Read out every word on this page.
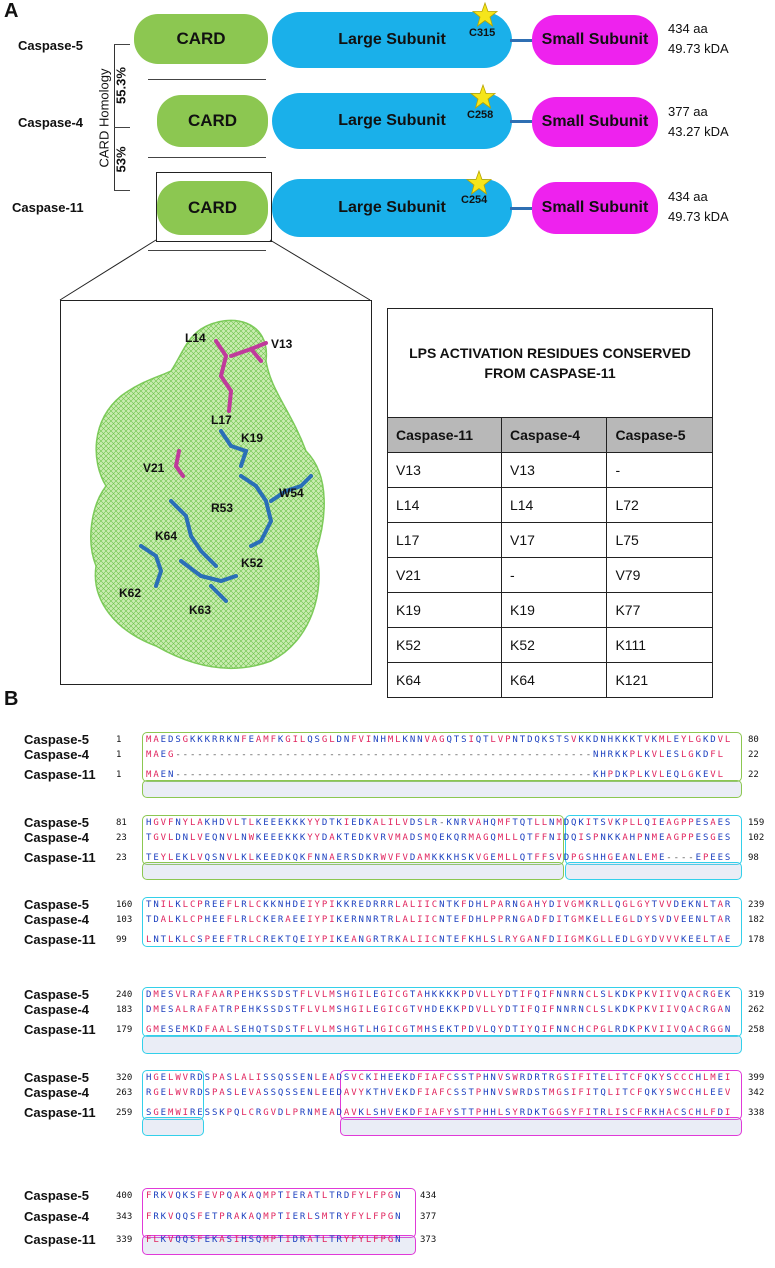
A
Caspase-5
Caspase-4
Caspase-11
CARD	Large Subunit	Small Subunit
C315	434 aa
49.73 kDA
CARD	Large Subunit	Small Subunit
C258	377 aa
43.27 kDA
CARD	Large Subunit	Small Subunit
C254	434 aa
49.73 kDA
CARD Homology 55.3%
53%
L14	V13
L17
K19
V21
W54
R53
K64
K52
K62
K63
LPS ACTIVATION RESIDUES CONSERVED
FROM CASPASE-11		
Caspase-11	Caspase-4	Caspase-5
V13	V13	-
L14	L14	L72
L17	V17	L75
V21	-	V79
K19	K19	K77
K52	K52	K111
K64	K64	K121
B
Caspase-5	1	MAEDSGKKKRRKNFEAMFKGILQSGLDNFVINHMLKNNVAGQTSIQTLVPNTDQKSTSVKKDNHKKKTVKMLEYLGKDVL 80
Caspase-4	1	MAEG---------------------------------------------------------NHRKKPLKVLESLGKDFL	22
Caspase-11 1	MAEN---------------------------------------------------------KHPDKPLKVLEQLGKEVL	22
Caspase-5	81 HGVFNYLAKHDVLTLKEEEKKKYYDTKIEDKALILVDSLR-KNRVAHQMFTQTLLNMDQKITSVKPLLQIEAGPPESAES 159
Caspase-4	23 TGVLDNLVEQNVLNWKEEEKKKYYDAKTEDKVRVMADSMQEKQRMAGQMLLQTFFNIDQISPNKKAHPNMEAGPPESGES 102
Caspase-11 23 TEYLEKLVQSNVLKLKEEDKQKFNNAERSDKRWVFVDAMKKKHSKVGEMLLQTFFSVDPGSHHGEANLEME----EPEES 98
Caspase-5	160 TNILKLCPREEFLRLCKKNHDEIYPIKKREDRRRLALIICNTKFDHLPARNGAHYDIVGMKRLLQGLGYTVVDEKNLTAR 239
Caspase-4	103 TDALKLCPHEEFLRLCKERAEEIYPIKERNNRTRLALIICNTEFDHLPPRNGADFDITGMKELLEGLDYSVDVEENLTAR 182
Caspase-11 99 LNTLKLCSPEEFTRLCREKTQEIYPIKEANGRTRKALIICNTEFKHLSLRYGANFDIIGMKGLLEDLGYDVVVKEELTAE 178
Caspase-5	240 DMESVLRAFAARPEHKSSDSTFLVLMSHGILEGICGTAHKKKKPDVLLYDTIFQIFNNRNCLSLKDKPKVIIVQACRGEK 319
Caspase-4	183 DMESALRAFATRPEHKSSDSTFLVLMSHGILEGICGTVHDEKKPDVLLYDTIFQIFNNRNCLSLKDKPKVIIVQACRGAN 262
Caspase-11 179 GMESEMKDFAALSEHQTSDSTFLVLMSHGTLHGICGTMHSEKTPDVLQYDTIYQIFNNCHCPGLRDKPKVIIVQACRGGN 258
Caspase-5	320 HGELWVRDSPASLALISSQSSENLEADSVCKIHEEKDFIAFCSSTPHNVSWRDRTRGSIFITELITCFQKYSCCCHLMEI 399
Caspase-4	263 RGELWVRDSPASLEVASSQSSENLEEDAVYKTHVEKDFIAFCSSTPHNVSWRDSTMGSIFITQLITCFQKYSWCCHLEEV 342
Caspase-11 259 SGEMWIRESSKPQLCRGVDLPRNMEADAVKLSHVEKDFIAFYSTTPHHLSYRDKTGGSYFITRLISCFRKHACSCHLFDI 338
Caspase-5	400 FRKVQKSFEVPQAKAQMPTIERATLTRDFYLFPGN 434
Caspase-4	343 FRKVQQSFETPRAKAQMPTIERLSMTRYFYLFPGN 377
Caspase-11 339 FLKVQQSFEKASIHSQMPTIDRATLTRYFYLFPGN 373
